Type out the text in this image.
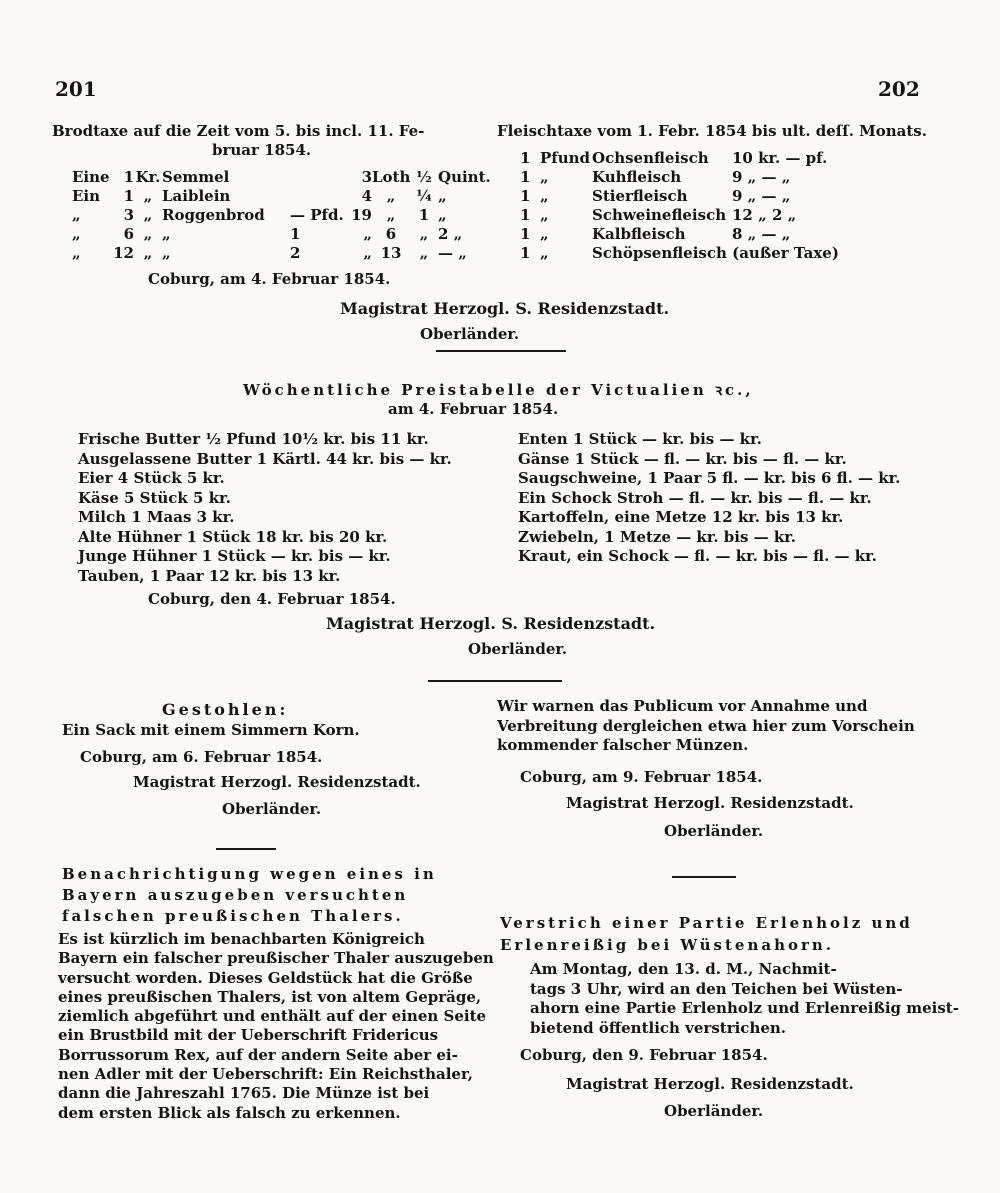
201	202
Brodtaxe auf die Zeit vom 5. bis incl. 11. Fe-
bruar 1854.
Eine 1 Kr. Semmel	3 Loth ½ Quint.
Ein	1 „ Laiblein	4 „	¼ „
„	3 „ Roggenbrod	— Pfd. 19 „	1 „
„	6 „ „	1	„ 6	„ 2 „
„	12 „ „	2	„ 13	„ — „
Coburg, am 4. Februar 1854.
Magistrat Herzogl. S. Residenzstadt.
Oberländer.
Fleischtaxe vom 1. Febr. 1854 bis ult. deſſ. Monats.
1 Pfund Ochsenfleisch	10 kr. — pf.
1 „	Kuhfleisch	9 „ — „
1 „	Stierfleisch	9 „ — „
1 „	Schweinefleisch 12 „ 2 „
1 „	Kalbfleisch	8 „ — „
1 „	Schöpsenfleisch (außer Taxe)
Wöchentliche Preistabelle der Victualien ꝛc.,
am 4. Februar 1854.
Frische Butter ½ Pfund 10½ kr. bis 11 kr.
Ausgelassene Butter 1 Kärtl. 44 kr. bis — kr.
Eier 4 Stück 5 kr.
Käse 5 Stück 5 kr.
Milch 1 Maas 3 kr.
Alte Hühner 1 Stück 18 kr. bis 20 kr.
Junge Hühner 1 Stück — kr. bis — kr.
Tauben, 1 Paar 12 kr. bis 13 kr.
Enten 1 Stück — kr. bis — kr.
Gänse 1 Stück — fl. — kr. bis — fl. — kr.
Saugschweine, 1 Paar 5 fl. — kr. bis 6 fl. — kr.
Ein Schock Stroh — fl. — kr. bis — fl. — kr.
Kartoffeln, eine Metze 12 kr. bis 13 kr.
Zwiebeln, 1 Metze — kr. bis — kr.
Kraut, ein Schock — fl. — kr. bis — fl. — kr.
Coburg, den 4. Februar 1854.
Magistrat Herzogl. S. Residenzstadt.
Oberländer.
Gestohlen:
Ein Sack mit einem Simmern Korn.
Coburg, am 6. Februar 1854.
Magistrat Herzogl. Residenzstadt.
Oberländer.
Benachrichtigung wegen eines in
Bayern auszugeben versuchten
falschen preußischen Thalers.
Es ist kürzlich im benachbarten Königreich
Bayern ein falscher preußischer Thaler auszugeben
versucht worden. Dieses Geldstück hat die Größe
eines preußischen Thalers, ist von altem Gepräge,
ziemlich abgeführt und enthält auf der einen Seite
ein Brustbild mit der Ueberschrift Fridericus
Borrussorum Rex, auf der andern Seite aber ei-
nen Adler mit der Ueberschrift: Ein Reichsthaler,
dann die Jahreszahl 1765. Die Münze ist bei
dem ersten Blick als falsch zu erkennen.
Wir warnen das Publicum vor Annahme und
Verbreitung dergleichen etwa hier zum Vorschein
kommender falscher Münzen.
Coburg, am 9. Februar 1854.
Magistrat Herzogl. Residenzstadt.
Oberländer.
Verstrich einer Partie Erlenholz und
Erlenreißig bei Wüstenahorn.
Am Montag, den 13. d. M., Nachmit-
tags 3 Uhr, wird an den Teichen bei Wüsten-
ahorn eine Partie Erlenholz und Erlenreißig meist-
bietend öffentlich verstrichen.
Coburg, den 9. Februar 1854.
Magistrat Herzogl. Residenzstadt.
Oberländer.
